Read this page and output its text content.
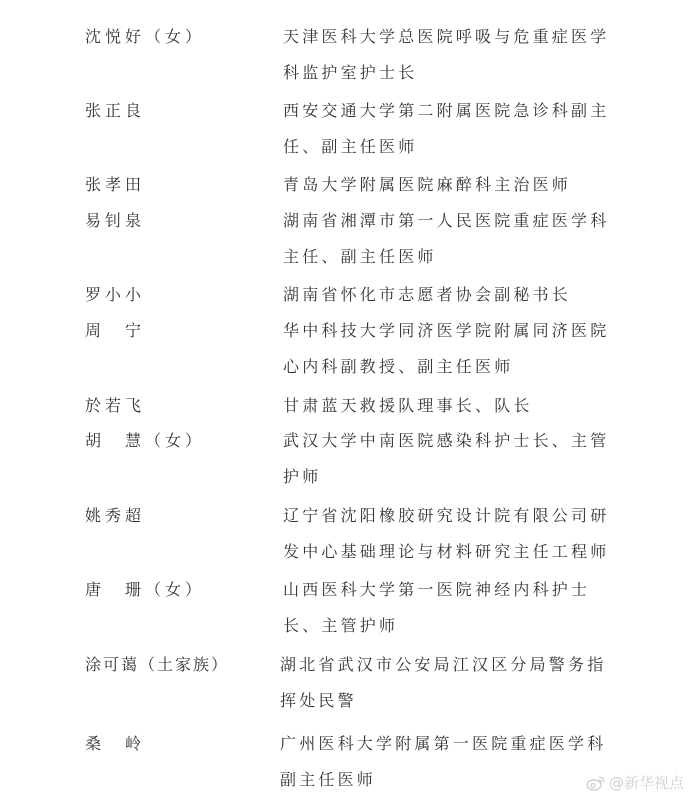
沈悦好（女）	天津医科大学总医院呼吸与危重症医学
科监护室护士长
张正良	西安交通大学第二附属医院急诊科副主
任、副主任医师
张孝田	青岛大学附属医院麻醉科主治医师
易钊泉	湖南省湘潭市第一人民医院重症医学科
主任、副主任医师
罗小小	湖南省怀化市志愿者协会副秘书长
周　宁	华中科技大学同济医学院附属同济医院
心内科副教授、副主任医师
於若飞	甘肃蓝天救援队理事长、队长
胡　慧（女）	武汉大学中南医院感染科护士长、主管
护师
姚秀超	辽宁省沈阳橡胶研究设计院有限公司研
发中心基础理论与材料研究主任工程师
唐　珊（女）	山西医科大学第一医院神经内科护士
长、主管护师
涂可蔼（土家族）	湖北省武汉市公安局江汉区分局警务指
挥处民警
桑　岭	广州医科大学附属第一医院重症医学科
副主任医师	@新华视点
